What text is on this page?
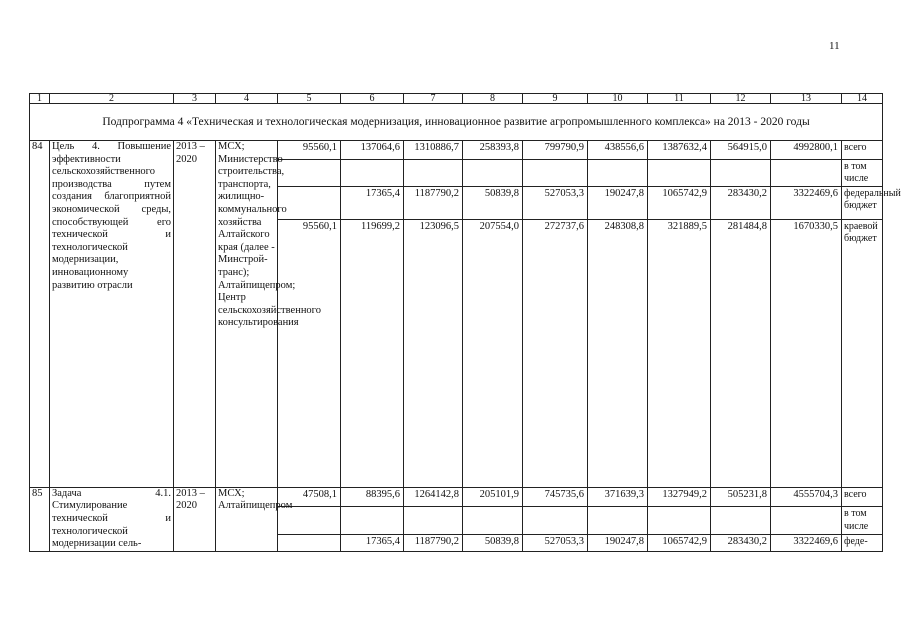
11
1	2	3	4	5	6	7	8	9	10	11	12	13	14
Подпрограмма 4 «Техническая и технологическая модернизация, инновационное развитие агропромышленного комплекса» на 2013 - 2020 годы													
84	Цель 4. Повышение эффективности сельскохозяйственного производства путем создания благоприятной экономической среды, способствующей его технической и технологической модернизации, инновационному развитию отрасли	2013 – 2020	МСХ; Министерство строительства, транспорта, жилищно-коммунального хозяйства Алтайского края (далее - Минстрой-транс); Алтайпищепром; Центр сельскохозяйственного консультирования	95560,1	137064,6	1310886,7	258393,8	799790,9	438556,6	1387632,4	564915,0	4992800,1	всего
													в том числе
					17365,4	1187790,2	50839,8	527053,3	190247,8	1065742,9	283430,2	3322469,6	федеральный бюджет
				95560,1	119699,2	123096,5	207554,0	272737,6	248308,8	321889,5	281484,8	1670330,5	краевой бюджет
85	Задача 4.1. Стимулирование технической и технологической модернизации сель-	2013 – 2020	МСХ; Алтайпищепром	47508,1	88395,6	1264142,8	205101,9	745735,6	371639,3	1327949,2	505231,8	4555704,3	всего
													в том числе
					17365,4	1187790,2	50839,8	527053,3	190247,8	1065742,9	283430,2	3322469,6	феде-
